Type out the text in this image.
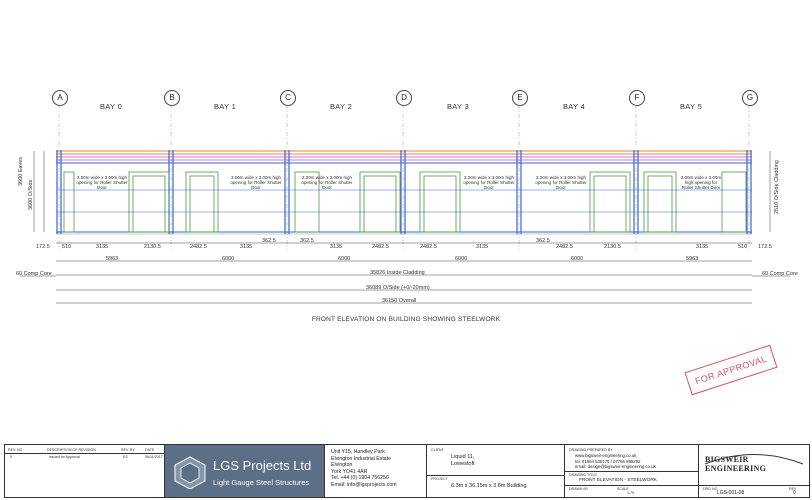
A	B	C	D	E	F	G
BAY 0	BAY 1	BAY 2	BAY 3	BAY 4	BAY 5
3.00m wide x 3.00m high opening for Roller Shutter Door
3.00m wide x 3.00m high opening for Roller Shutter Door
3.00m wide x 3.00m high opening for Roller Shutter Door
3.00m wide x 3.00m high opening for Roller Shutter Door
3.00m wide x 3.00m high opening for Roller Shutter Door
3.00m wide x 3.00m high opening for Roller Shutter Door
3600 Eaves
3600 O/Side	2510 O/Side Cladding
172.5 510	3135	2130.5	2482.5	3135
362.5	362.5
3135	2482.5	2482.5	3135
362.5
2482.5	2130.5	3135	510 172.5
5963	6000	6000	6000	6000	5963
35826 Inside Cladding
36089 O/Side (+0/-20mm)
36150 Overall
60 Comp Core	60 Comp Core
FRONT ELEVATION ON BUILDING SHOWING STEELWORK
FOR APPROVAL
REV. NO	DESCRIPTION OF REVISION	REV. BY	DATE
0	Issued for Approval	ES	06/11/2017
LGS Projects Ltd
Light Gauge Steel Structures
Unit Y15, Handley Park
Elvington Industrial Estate
Elvington
York YO41 4AR
Tel. +44 (0) 1904 756250
Email: info@lgsprojects.com
CLIENT
Liquid 11,
Lowestoft
PROJECT
6.3m x 36.15m x 3.6m Building
DRAWING PREPARED BY
www.bigsweir-engineering.co.uk
tel: 01594 530175 / 07766 695292
email: design@bigsweir-engineering.co.uk
DRAWING TITLE
FRONT ELEVATION - STEELWORK
DRAWN BY	SCALE
1:75
BIGSWEIR ENGINEERING
DRG NO
LGS-001-08
REV
0
